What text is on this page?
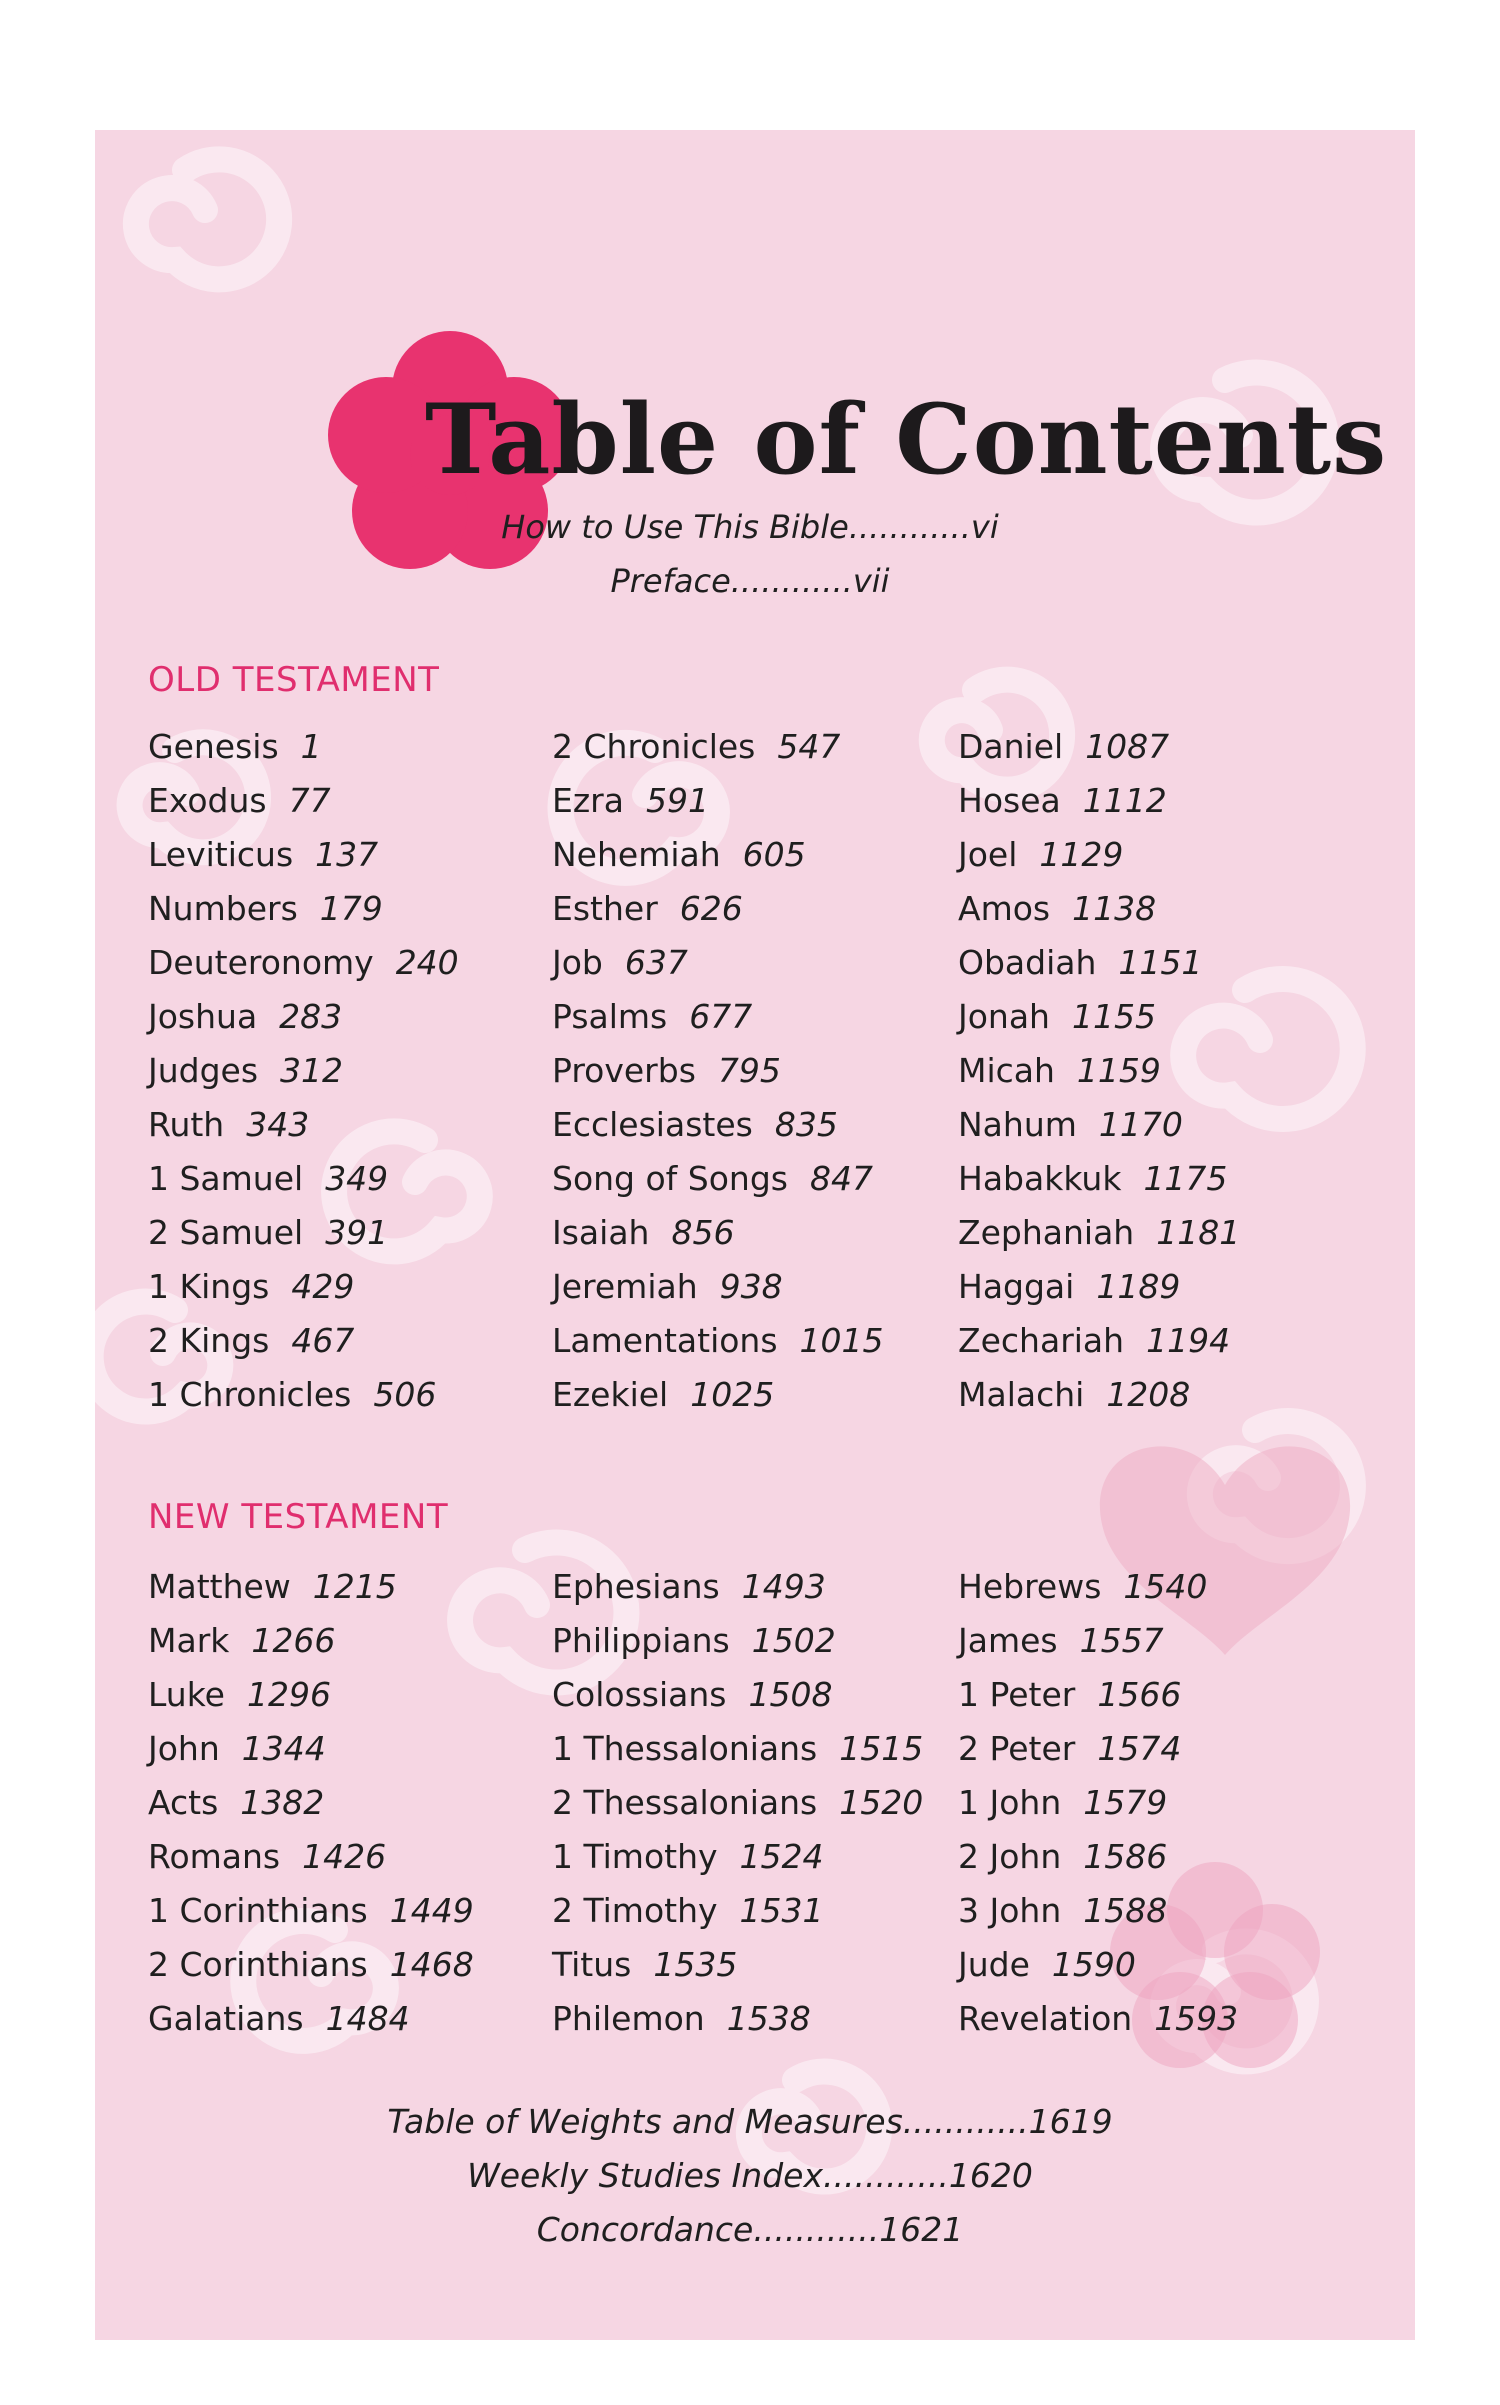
Table of Contents
How to Use This Bible............vi
Preface............vii
OLD TESTAMENT
Genesis 1
Exodus 77
Leviticus 137
Numbers 179
Deuteronomy 240
Joshua 283
Judges 312
Ruth 343
1 Samuel 349
2 Samuel 391
1 Kings 429
2 Kings 467
1 Chronicles 506
2 Chronicles 547
Ezra 591
Nehemiah 605
Esther 626
Job 637
Psalms 677
Proverbs 795
Ecclesiastes 835
Song of Songs 847
Isaiah 856
Jeremiah 938
Lamentations 1015
Ezekiel 1025
Daniel 1087
Hosea 1112
Joel 1129
Amos 1138
Obadiah 1151
Jonah 1155
Micah 1159
Nahum 1170
Habakkuk 1175
Zephaniah 1181
Haggai 1189
Zechariah 1194
Malachi 1208
NEW TESTAMENT
Matthew 1215
Mark 1266
Luke 1296
John 1344
Acts 1382
Romans 1426
1 Corinthians 1449
2 Corinthians 1468
Galatians 1484
Ephesians 1493
Philippians 1502
Colossians 1508
1 Thessalonians 1515
2 Thessalonians 1520
1 Timothy 1524
2 Timothy 1531
Titus 1535
Philemon 1538
Hebrews 1540
James 1557
1 Peter 1566
2 Peter 1574
1 John 1579
2 John 1586
3 John 1588
Jude 1590
Revelation 1593
Table of Weights and Measures............1619
Weekly Studies Index............1620
Concordance............1621
